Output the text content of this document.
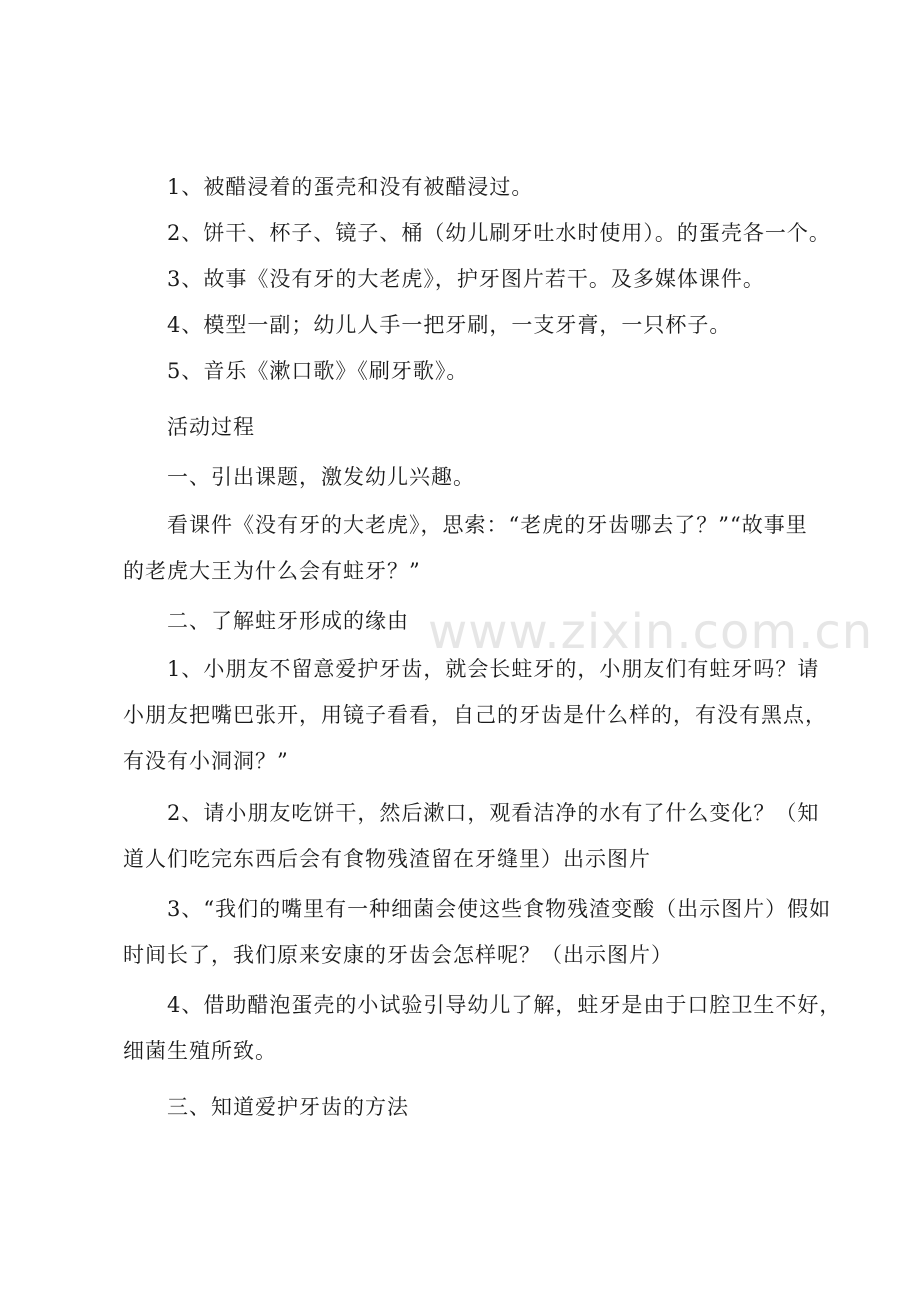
1、被醋浸着的蛋壳和没有被醋浸过。

2、饼干、杯子、镜子、桶（幼儿刷牙吐水时使用）。的蛋壳各一个。

3、故事《没有牙的大老虎》，护牙图片若干。及多媒体课件。

4、模型一副；幼儿人手一把牙刷，一支牙膏，一只杯子。

5、音乐《漱口歌》《刷牙歌》。

活动过程

一、引出课题，激发幼儿兴趣。

看课件《没有牙的大老虎》，思索：“老虎的牙齿哪去了？”“故事里
的老虎大王为什么会有蛀牙？”

二、了解蛀牙形成的缘由

1、小朋友不留意爱护牙齿，就会长蛀牙的，小朋友们有蛀牙吗？请
小朋友把嘴巴张开，用镜子看看，自己的牙齿是什么样的，有没有黑点，
有没有小洞洞？”

2、请小朋友吃饼干，然后漱口，观看洁净的水有了什么变化？（知
道人们吃完东西后会有食物残渣留在牙缝里）出示图片

3、“我们的嘴里有一种细菌会使这些食物残渣变酸（出示图片）假如
时间长了，我们原来安康的牙齿会怎样呢？（出示图片）

4、借助醋泡蛋壳的小试验引导幼儿了解，蛀牙是由于口腔卫生不好，
细菌生殖所致。

三、知道爱护牙齿的方法

www.zixin.com.cn
